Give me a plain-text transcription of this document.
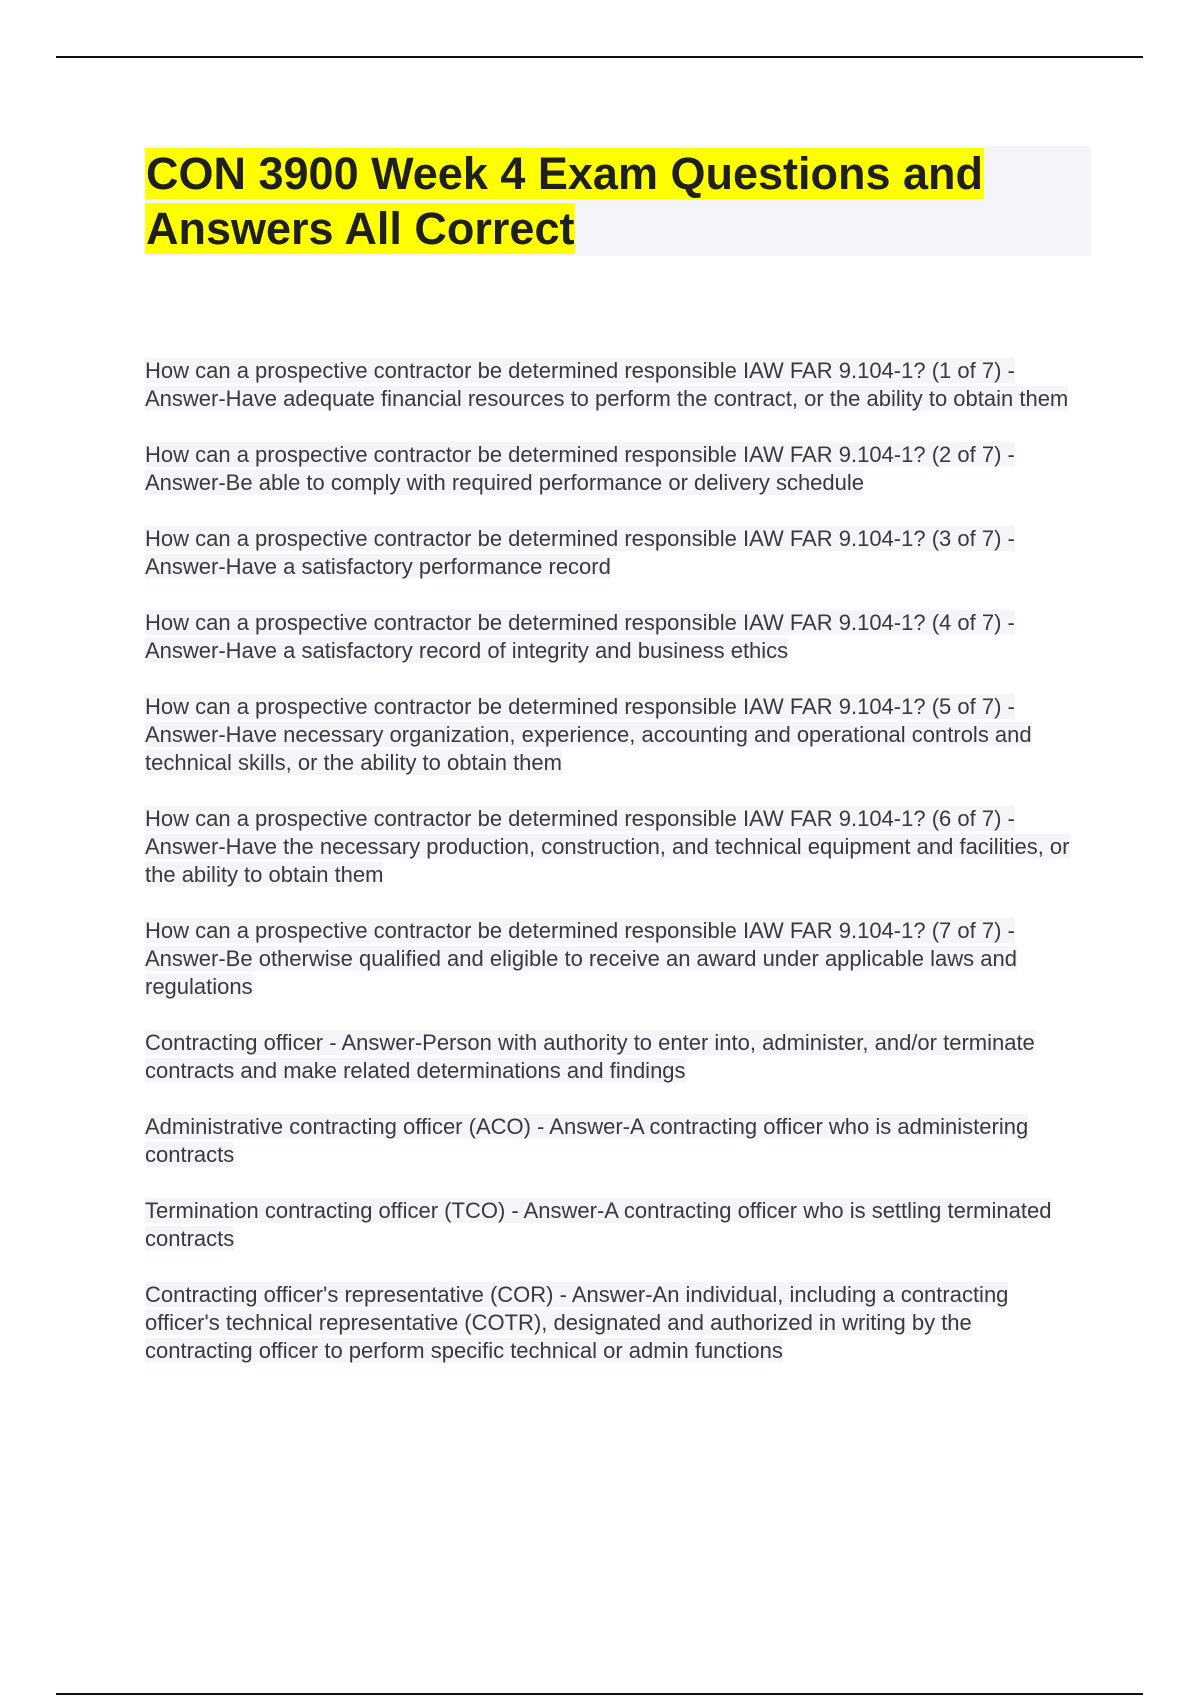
CON 3900 Week 4 Exam Questions and
Answers All Correct
How can a prospective contractor be determined responsible IAW FAR 9.104-1? (1 of 7) - Answer-Have adequate financial resources to perform the contract, or the ability to obtain them
How can a prospective contractor be determined responsible IAW FAR 9.104-1? (2 of 7) - Answer-Be able to comply with required performance or delivery schedule
How can a prospective contractor be determined responsible IAW FAR 9.104-1? (3 of 7) - Answer-Have a satisfactory performance record
How can a prospective contractor be determined responsible IAW FAR 9.104-1? (4 of 7) - Answer-Have a satisfactory record of integrity and business ethics
How can a prospective contractor be determined responsible IAW FAR 9.104-1? (5 of 7) - Answer-Have necessary organization, experience, accounting and operational controls and technical skills, or the ability to obtain them
How can a prospective contractor be determined responsible IAW FAR 9.104-1? (6 of 7) - Answer-Have the necessary production, construction, and technical equipment and facilities, or the ability to obtain them
How can a prospective contractor be determined responsible IAW FAR 9.104-1? (7 of 7) - Answer-Be otherwise qualified and eligible to receive an award under applicable laws and regulations
Contracting officer - Answer-Person with authority to enter into, administer, and/or terminate contracts and make related determinations and findings
Administrative contracting officer (ACO) - Answer-A contracting officer who is administering contracts
Termination contracting officer (TCO) - Answer-A contracting officer who is settling terminated contracts
Contracting officer's representative (COR) - Answer-An individual, including a contracting officer's technical representative (COTR), designated and authorized in writing by the contracting officer to perform specific technical or admin functions
